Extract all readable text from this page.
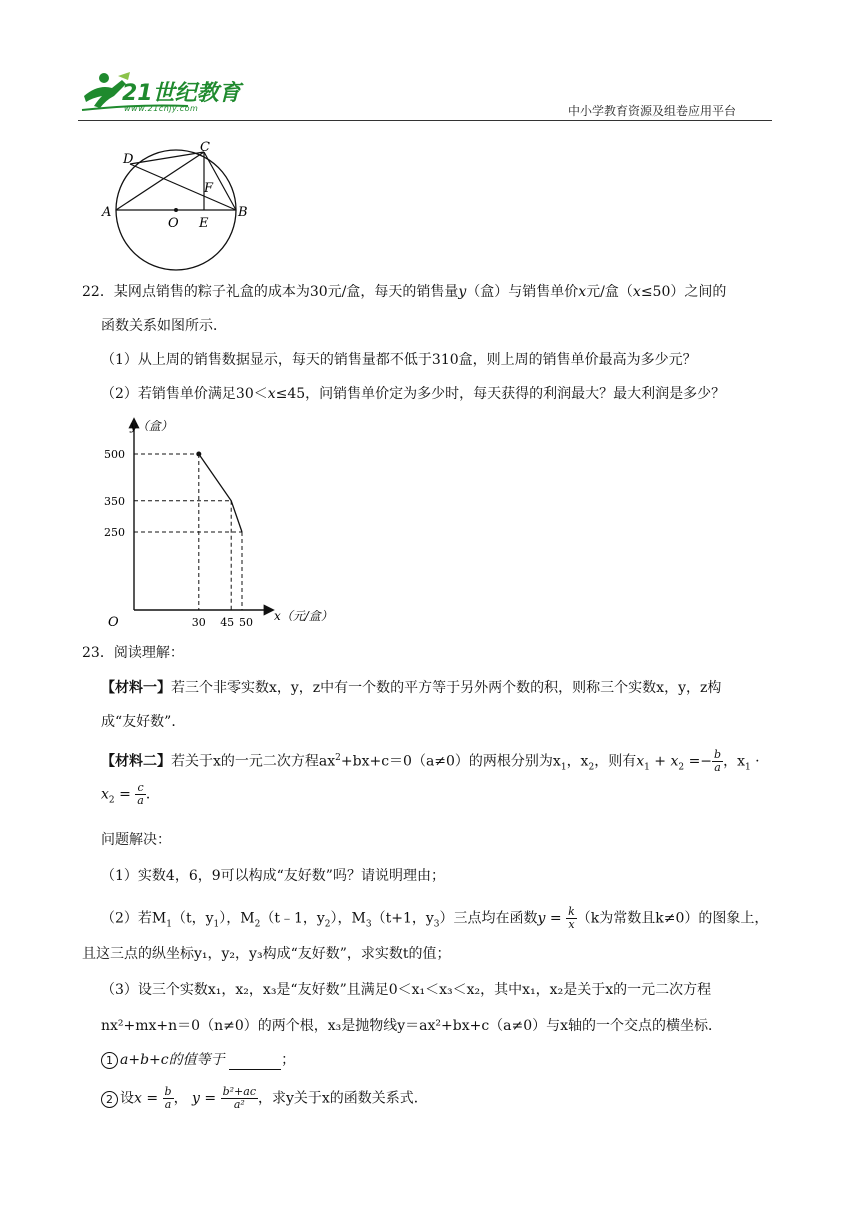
21世纪教育
www.21cnjy.com	中小学教育资源及组卷应用平台
C
D
F
A	B
O E
22．某网点销售的粽子礼盒的成本为30元/盒，每天的销售量y（盒）与销售单价x元/盒（x≤50）之间的
函数关系如图所示．
（1）从上周的销售数据显示，每天的销售量都不低于310盒，则上周的销售单价最高为多少元？
（2）若销售单价满足30＜x≤45，问销售单价定为多少时，每天获得的利润最大？最大利润是多少？
y（盒）
x（元/盒）
O
500
30
350
45
250
50
23．阅读理解：
【材料一】若三个非零实数x，y，z中有一个数的平方等于另外两个数的积，则称三个实数x，y，z构
成“友好数”．
【材料二】若关于x的一元二次方程$ax^2+bx+c=0(a\ne 0)$的两根分别为$x_1$，$x_2$，则有$x_1 + x_2 =- \frac{b}{a}$ ，$x_1$ ·
$x_2 = \frac{c}{a}$ ．
问题解决：
（1）实数4，6，9可以构成“友好数”吗？请说明理由；
（2）若$M_1(t$，$y_1$），$M_2(t﹣1$，$y_2$），$M_3(t+1$，$y_3$）三点均在函数$y = \frac{k}{x} (k$为常数且k≠0）的图象上，
且这三点的纵坐标y₁，y₂，y₃构成“友好数”，求实数t的值；
（3）设三个实数x₁，x₂，x₃是“友好数”且满足0＜x₁＜x₃＜x₂，其中x₁，x₂是关于x的一元二次方程
nx²+mx+n＝0（n≠0）的两个根，x₃是抛物线y＝ax²+bx+c（a≠0）与x轴的一个交点的横坐标．
1 a+b+c的值等于	；
2 设$x = \frac{b}{a}$ ， $y = \frac{\text{b²+ac}}{\text{a²}}$ ，求y关于x的函数关系式．
